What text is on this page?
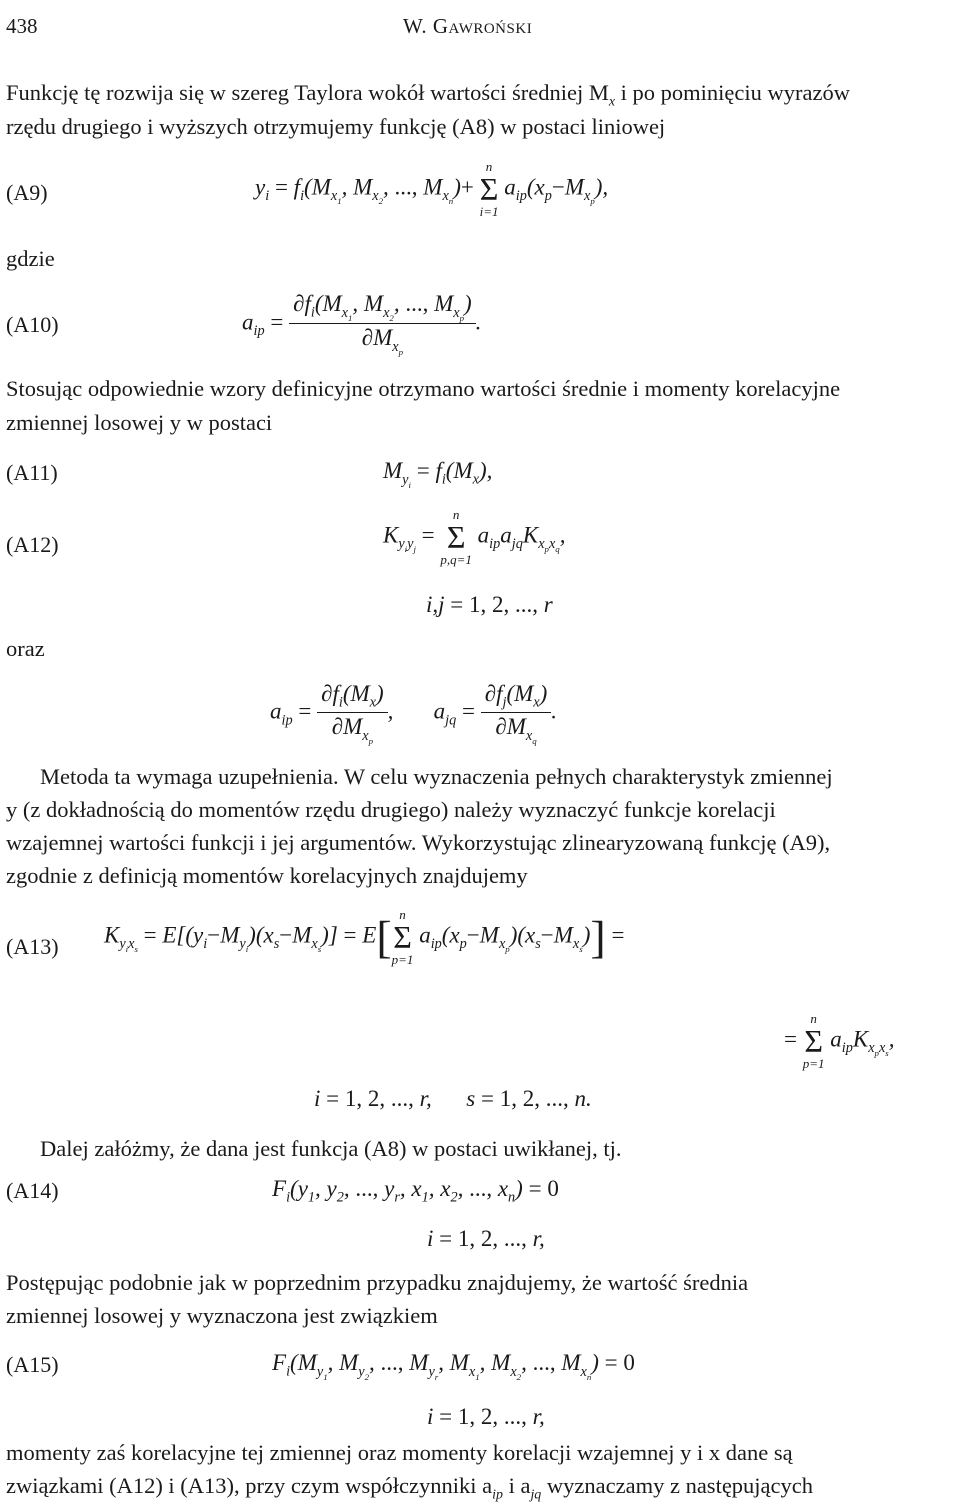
438	W. Gawroński
Funkcję tę rozwija się w szereg Taylora wokół wartości średniej $M_x$ i po pominięciu wyrazów
rzędu drugiego i wyższych otrzymujemy funkcję (A8) w postaci liniowej
(A9)	$y_i = f_i(M_{x_1}$, $M_{x_2}$, ..., $M_{x_n})+$
n
Σ
i=1
$a_{ip}(x_p-M_{x_p})$,
gdzie
(A10)	$a_{ip} = \frac{\partial f_i(M_{x_1}, M_{x_2}, ..., M_{x_p})}{\partial M_{x_p}}$ .
Stosując odpowiednie wzory definicyjne otrzymano wartości średnie i momenty korelacyjne
zmiennej losowej y w postaci
(A11)	$M_{y_i} = f_i(M_x)$,
(A12)	$K_{y_iy_j}$ =
n
Σ
p,q=1
$a_{ip}a_{jq}K_{x_px_q}$,
i,j = 1, 2, ..., r
oraz
$a_{ip} = \frac{\partial f_i(M_x)}{\partial M_{x_p}}$ ,       $a_{jq} = \frac{\partial f_j(M_x)}{\partial M_{x_q}}$ .
Metoda ta wymaga uzupełnienia. W celu wyznaczenia pełnych charakterystyk zmiennej
y (z dokładnością do momentów rzędu drugiego) należy wyznaczyć funkcje korelacji
wzajemnej wartości funkcji i jej argumentów. Wykorzystując zlinearyzowaną funkcję (A9),
zgodnie z definicją momentów korelacyjnych znajdujemy
(A13) $K_{y_ix_s} = E[(y_i-M_{y_i})(x_s-M_{x_s})] = E$[ n
Σ
p=1
$a_{ip}(x_p-M_{x_p})(x_s-M_{x_s})$] =
=
n
Σ
p=1
$a_{ip}K_{x_px_s}$,
i = 1, 2, ..., r,      s = 1, 2, ..., n.
Dalej załóżmy, że dana jest funkcja (A8) w postaci uwikłanej, tj.
(A14)	$F_i(y_1$, $y_2$, ..., $y_r$, $x_1$, $x_2$, ..., $x_n) = 0$
i = 1, 2, ..., r,
Postępując podobnie jak w poprzednim przypadku znajdujemy, że wartość średnia
zmiennej losowej y wyznaczona jest związkiem
(A15)	$F_i(M_{y_1}$, $M_{y_2}$, ..., $M_{y_r}$, $M_{x_1}$, $M_{x_2}$, ..., $M_{x_n}) = 0$
i = 1, 2, ..., r,
momenty zaś korelacyjne tej zmiennej oraz momenty korelacji wzajemnej y i x dane są
związkami (A12) i (A13), przy czym współczynniki $a_{ip}$ i $a_{jq}$ wyznaczamy z następujących
